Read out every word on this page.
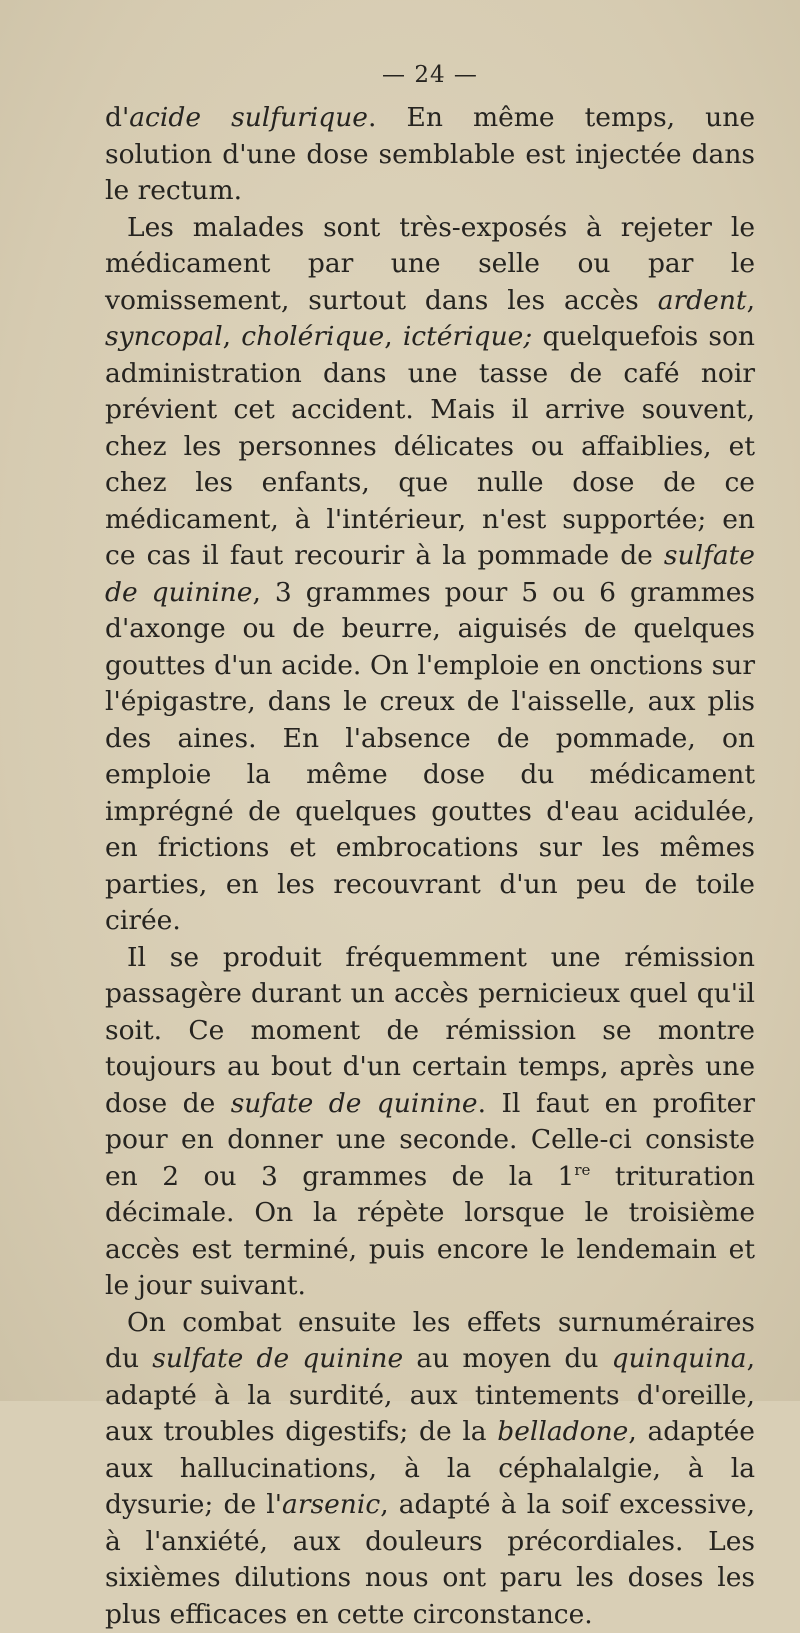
— 24 —

d'acide sulfurique. En même temps, une solution d'une dose semblable est injectée dans le rectum.

Les malades sont très-exposés à rejeter le médicament par une selle ou par le vomissement, surtout dans les accès ardent, syncopal, cholérique, ictérique; quelquefois son administration dans une tasse de café noir prévient cet accident. Mais il arrive souvent, chez les personnes délicates ou affaiblies, et chez les enfants, que nulle dose de ce médicament, à l'intérieur, n'est supportée; en ce cas il faut recourir à la pommade de sulfate de quinine, 3 grammes pour 5 ou 6 grammes d'axonge ou de beurre, aiguisés de quelques gouttes d'un acide. On l'emploie en onctions sur l'épigastre, dans le creux de l'aisselle, aux plis des aines. En l'absence de pommade, on emploie la même dose du médicament imprégné de quelques gouttes d'eau acidulée, en frictions et embrocations sur les mêmes parties, en les recouvrant d'un peu de toile cirée.

Il se produit fréquemment une rémission passagère durant un accès pernicieux quel qu'il soit. Ce moment de rémission se montre toujours au bout d'un certain temps, après une dose de sufate de quinine. Il faut en profiter pour en donner une seconde. Celle-ci consiste en 2 ou 3 grammes de la 1re trituration décimale. On la répète lorsque le troisième accès est terminé, puis encore le lendemain et le jour suivant.

On combat ensuite les effets surnuméraires du sulfate de quinine au moyen du quinquina, adapté à la surdité, aux tintements d'oreille, aux troubles digestifs; de la belladone, adaptée aux hallucinations, à la céphalalgie, à la dysurie; de l'arsenic, adapté à la soif excessive, à l'anxiété, aux douleurs précordiales. Les sixièmes dilutions nous ont paru les doses les plus efficaces en cette circonstance.
